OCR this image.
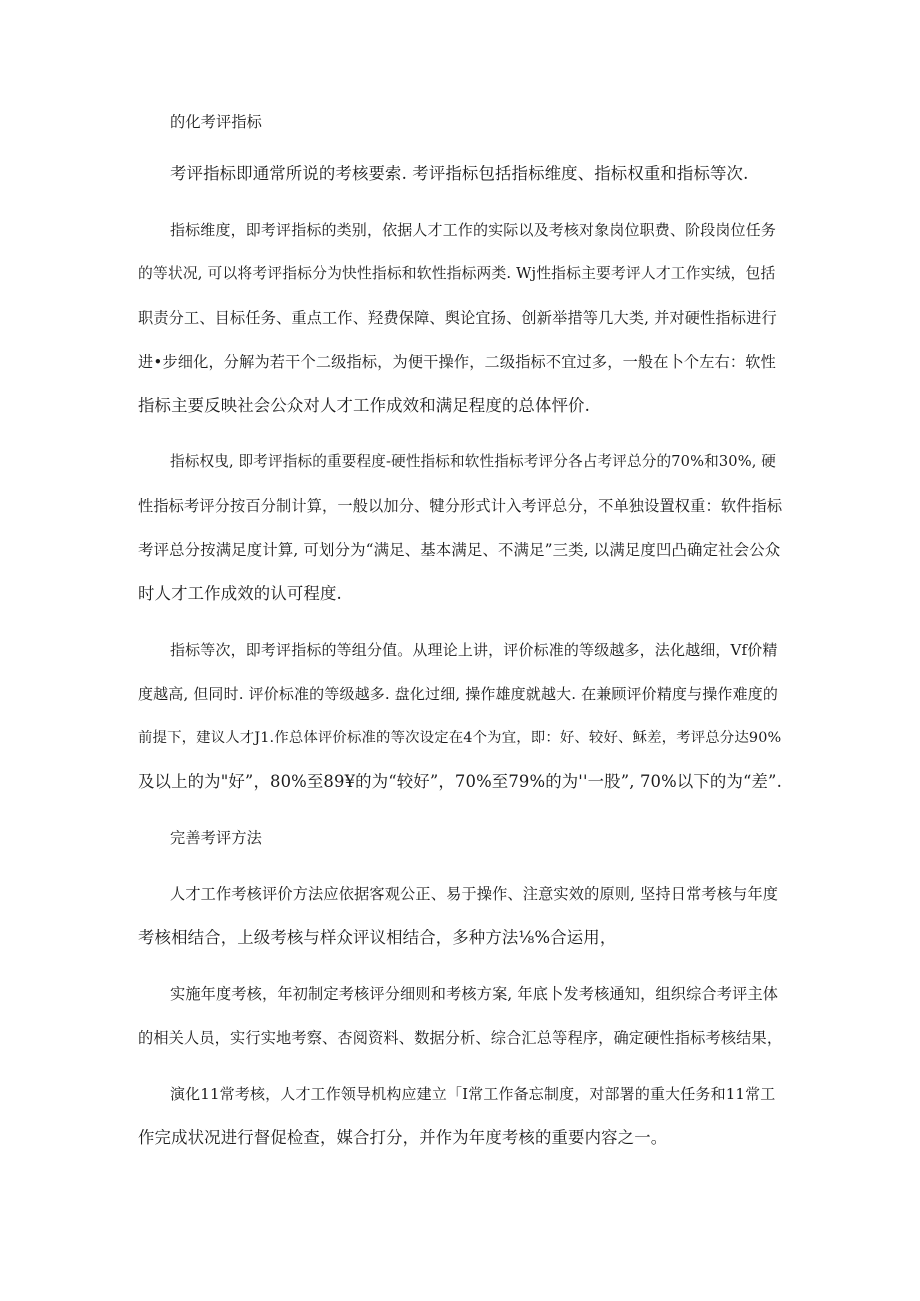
的化考评指标
考评指标即通常所说的考核要索. 考评指标包括指标维度、指标权重和指标等次.
指标维度，即考评指标的类别，依据人才工作的实际以及考核对象岗位职费、阶段岗位任务
的等状况, 可以将考评指标分为快性指标和软性指标两类. Wj性指标主要考评人才工作实绒，包括
职责分工、目标任务、重点工作、羟费保障、舆论宜扬、创新举措等几大类, 并对硬性指标进行
进•步细化，分解为若干个二级指标，为便干操作，二级指标不宜过多，一般在卜个左右：软性
指标主要反映社会公众对人才工作成效和满足程度的总体怦价.
指标权曳, 即考评指标的重要程度-硬性指标和软性指标考评分各占考评总分的70%和30%, 硬
性指标考评分按百分制计算，一般以加分、犍分形式计入考评总分，不单独设置权重：软件指标
考评总分按满足度计算, 可划分为“满足、基本满足、不满足”三类, 以满足度凹凸确定社会公众
时人才工作成效的认可程度.
指标等次，即考评指标的等组分值。从理论上讲，评价标准的等级越多，法化越细，Vf价精
度越高, 但同时. 评价标准的等级越多. 盘化过细, 操作雄度就越大. 在兼顾评价精度与操作难度的
前提下，建议人才J1.作总体评价标准的等次设定在4个为宜，即：好、较好、稣差，考评总分达90%
及以上的为"好”，80%至89¥的为“较好”，70%至79%的为''一股”, 70%以下的为“差”.
完善考评方法
人才工作考核评价方法应依据客观公正、易于操作、注意实效的原则, 坚持日常考核与年度
考核相结合，上级考核与样众评议相结合，多种方法⅛%合运用，
实施年度考核，年初制定考核评分细则和考核方案, 年底卜发考核通知，组织综合考评主体
的相关人员，实行实地考察、杏阅资料、数据分析、综合汇总等程序，确定硬性指标考核结果，
演化11常考核，人才工作领导机构应建立「I常工作备忘制度，对部署的重大任务和11常工
作完成状况进行督促检查，媒合打分，并作为年度考核的重要内容之一。
